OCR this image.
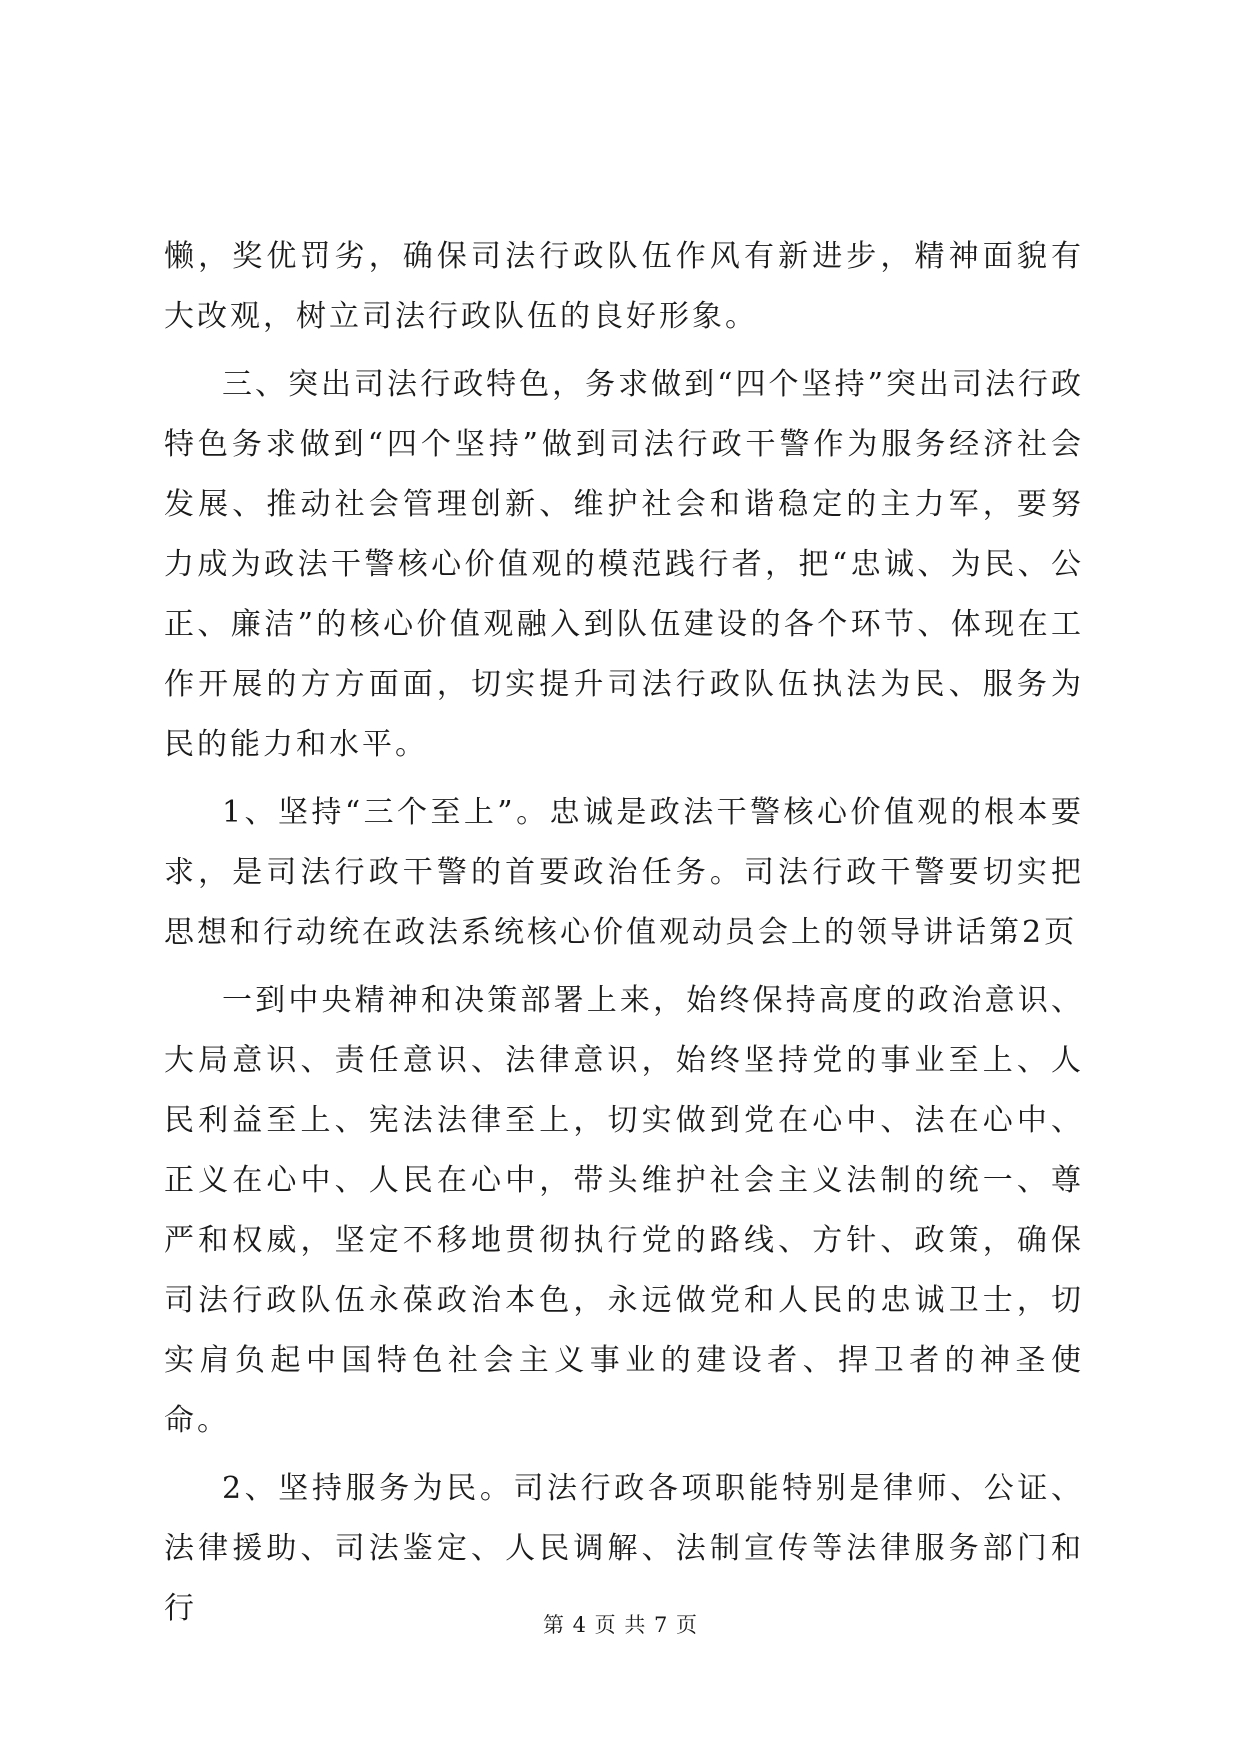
懒，奖优罚劣，确保司法行政队伍作风有新进步，精神面貌有大改观，树立司法行政队伍的良好形象。

三、突出司法行政特色，务求做到“四个坚持”突出司法行政特色务求做到“四个坚持”做到司法行政干警作为服务经济社会发展、推动社会管理创新、维护社会和谐稳定的主力军，要努力成为政法干警核心价值观的模范践行者，把“忠诚、为民、公正、廉洁”的核心价值观融入到队伍建设的各个环节、体现在工作开展的方方面面，切实提升司法行政队伍执法为民、服务为民的能力和水平。

1、坚持“三个至上”。忠诚是政法干警核心价值观的根本要求，是司法行政干警的首要政治任务。司法行政干警要切实把思想和行动统在政法系统核心价值观动员会上的领导讲话第2页

一到中央精神和决策部署上来，始终保持高度的政治意识、大局意识、责任意识、法律意识，始终坚持党的事业至上、人民利益至上、宪法法律至上，切实做到党在心中、法在心中、正义在心中、人民在心中，带头维护社会主义法制的统一、尊严和权威，坚定不移地贯彻执行党的路线、方针、政策，确保司法行政队伍永葆政治本色，永远做党和人民的忠诚卫士，切实肩负起中国特色社会主义事业的建设者、捍卫者的神圣使命。

2、坚持服务为民。司法行政各项职能特别是律师、公证、法律援助、司法鉴定、人民调解、法制宣传等法律服务部门和行	第 4 页 共 7 页
